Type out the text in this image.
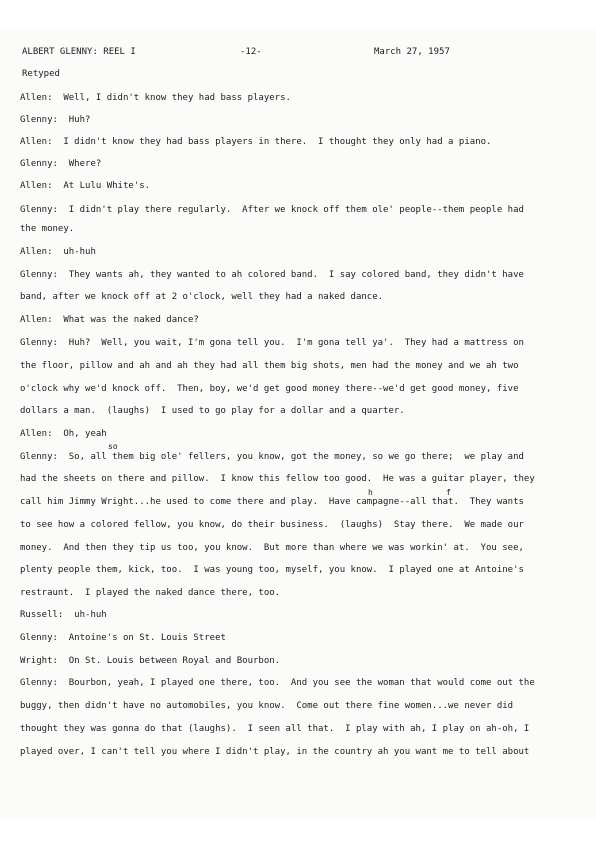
ALBERT GLENNY: REEL I	-12-	March 27, 1957
Retyped
Allen:  Well, I didn't know they had bass players.
Glenny:  Huh?
Allen:  I didn't know they had bass players in there.  I thought they only had a piano.
Glenny:  Where?
Allen:  At Lulu White's.
Glenny:  I didn't play there regularly.  After we knock off them ole' people--them people had
the money.
Allen:  uh-huh
Glenny:  They wants ah, they wanted to ah colored band.  I say colored band, they didn't have
band, after we knock off at 2 o'clock, well they had a naked dance.
Allen:  What was the naked dance?
Glenny:  Huh?  Well, you wait, I'm gona tell you.  I'm gona tell ya'.  They had a mattress on
the floor, pillow and ah and ah they had all them big shots, men had the money and we ah two
o'clock why we'd knock off.  Then, boy, we'd get good money there--we'd get good money, five
dollars a man.  (laughs)  I used to go play for a dollar and a quarter.
Allen:  Oh, yeah
Glenny:  So, all them big ole' fellers, you know, got the money, so we go there;  we play and
had the sheets on there and pillow.  I know this fellow too good.  He was a guitar player, they
call him Jimmy Wright...he used to come there and play.  Have campagne--all that.  They wants
to see how a colored fellow, you know, do their business.  (laughs)  Stay there.  We made our
money.  And then they tip us too, you know.  But more than where we was workin' at.  You see,
plenty people them, kick, too.  I was young too, myself, you know.  I played one at Antoine's
restraunt.  I played the naked dance there, too.
Russell:  uh-huh
Glenny:  Antoine's on St. Louis Street
Wright:  On St. Louis between Royal and Bourbon.
Glenny:  Bourbon, yeah, I played one there, too.  And you see the woman that would come out the
buggy, then didn't have no automobiles, you know.  Come out there fine women...we never did
thought they was gonna do that (laughs).  I seen all that.  I play with ah, I play on ah-oh, I
played over, I can't tell you where I didn't play, in the country ah you want me to tell about
so
h	f
